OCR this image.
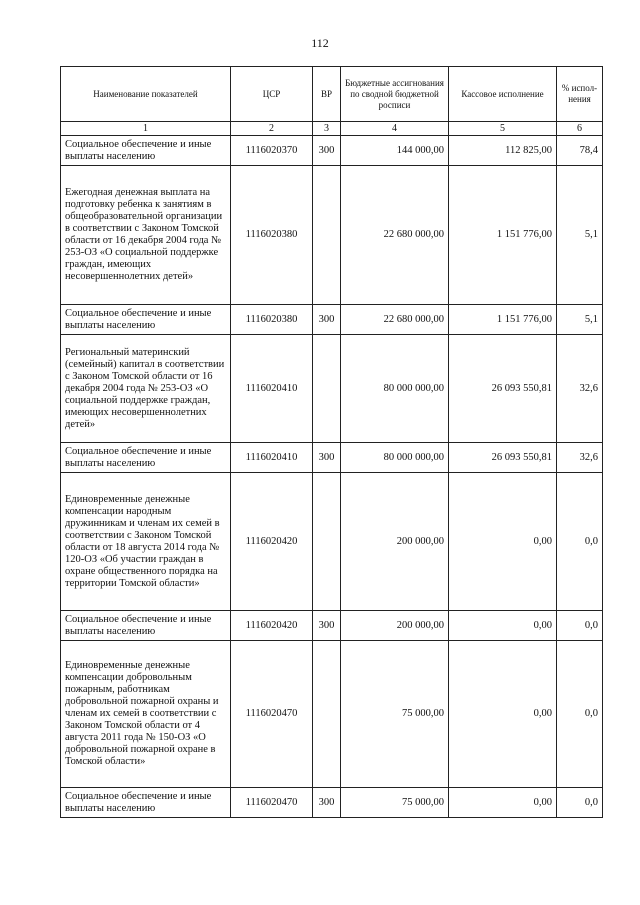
112
Наименование показателей	ЦСР	ВР	Бюджетные ассигнования по сводной бюджетной росписи	Кассовое исполнение	% испол-нения
1	2	3	4	5	6
Социальное обеспечение и иные выплаты населению	1116020370	300	144 000,00	112 825,00	78,4
Ежегодная денежная выплата на подготовку ребенка к занятиям в общеобразовательной организации в соответствии с Законом Томской области от 16 декабря 2004 года № 253-ОЗ «О социальной поддержке граждан, имеющих несовершеннолетних детей»	1116020380		22 680 000,00	1 151 776,00	5,1
Социальное обеспечение и иные выплаты населению	1116020380	300	22 680 000,00	1 151 776,00	5,1
Региональный материнский (семейный) капитал в соответствии с Законом Томской области от 16 декабря 2004 года № 253-ОЗ «О социальной поддержке граждан, имеющих несовершеннолетних детей»	1116020410		80 000 000,00	26 093 550,81	32,6
Социальное обеспечение и иные выплаты населению	1116020410	300	80 000 000,00	26 093 550,81	32,6
Единовременные денежные компенсации народным дружинникам и членам их семей в соответствии с Законом Томской области от 18 августа 2014 года № 120-ОЗ «Об участии граждан в охране общественного порядка на территории Томской области»	1116020420		200 000,00	0,00	0,0
Социальное обеспечение и иные выплаты населению	1116020420	300	200 000,00	0,00	0,0
Единовременные денежные компенсации добровольным пожарным, работникам добровольной пожарной охраны и членам их семей в соответствии с Законом Томской области от 4 августа 2011 года № 150-ОЗ «О добровольной пожарной охране в Томской области»	1116020470		75 000,00	0,00	0,0
Социальное обеспечение и иные выплаты населению	1116020470	300	75 000,00	0,00	0,0
